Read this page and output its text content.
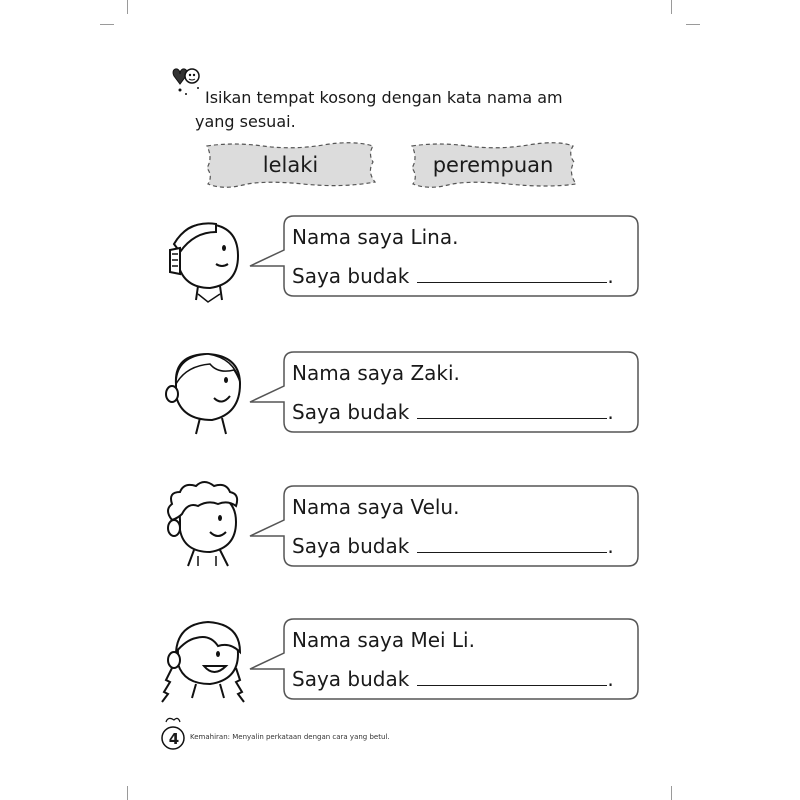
Isikan tempat kosong dengan kata nama am
yang sesuai.
lelaki	perempuan
Nama saya Lina.
Saya budak	.
Nama saya Zaki.
Saya budak	.
Nama saya Velu.
Saya budak	.
Nama saya Mei Li.
Saya budak	.
4	Kemahiran: Menyalin perkataan dengan cara yang betul.
